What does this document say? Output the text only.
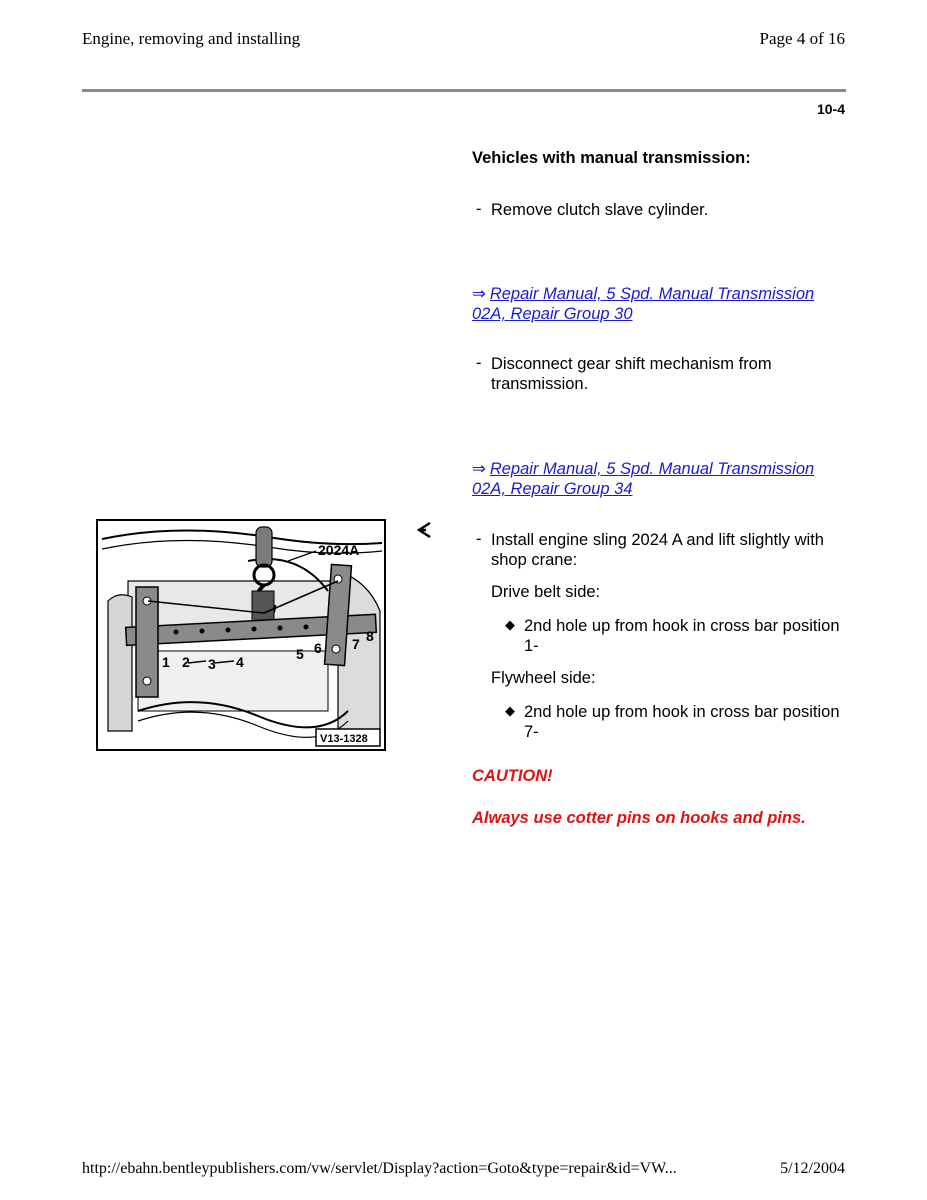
Engine, removing and installing	Page 4 of 16
10-4
Vehicles with manual transmission:
- Remove clutch slave cylinder.
⇒ Repair Manual, 5 Spd. Manual Transmission
02A, Repair Group 30
- Disconnect gear shift mechanism from
transmission.
⇒ Repair Manual, 5 Spd. Manual Transmission
02A, Repair Group 34
- Install engine sling 2024 A and lift slightly with
shop crane:
Drive belt side:
◆ 2nd hole up from hook in cross bar position
1-
Flywheel side:
◆ 2nd hole up from hook in cross bar position
7-
CAUTION!
Always use cotter pins on hooks and pins.
2024A
1 2 3 4	5 6 7 8
V13-1328
http://ebahn.bentleypublishers.com/vw/servlet/Display?action=Goto&type=repair&id=VW...	5/12/2004
